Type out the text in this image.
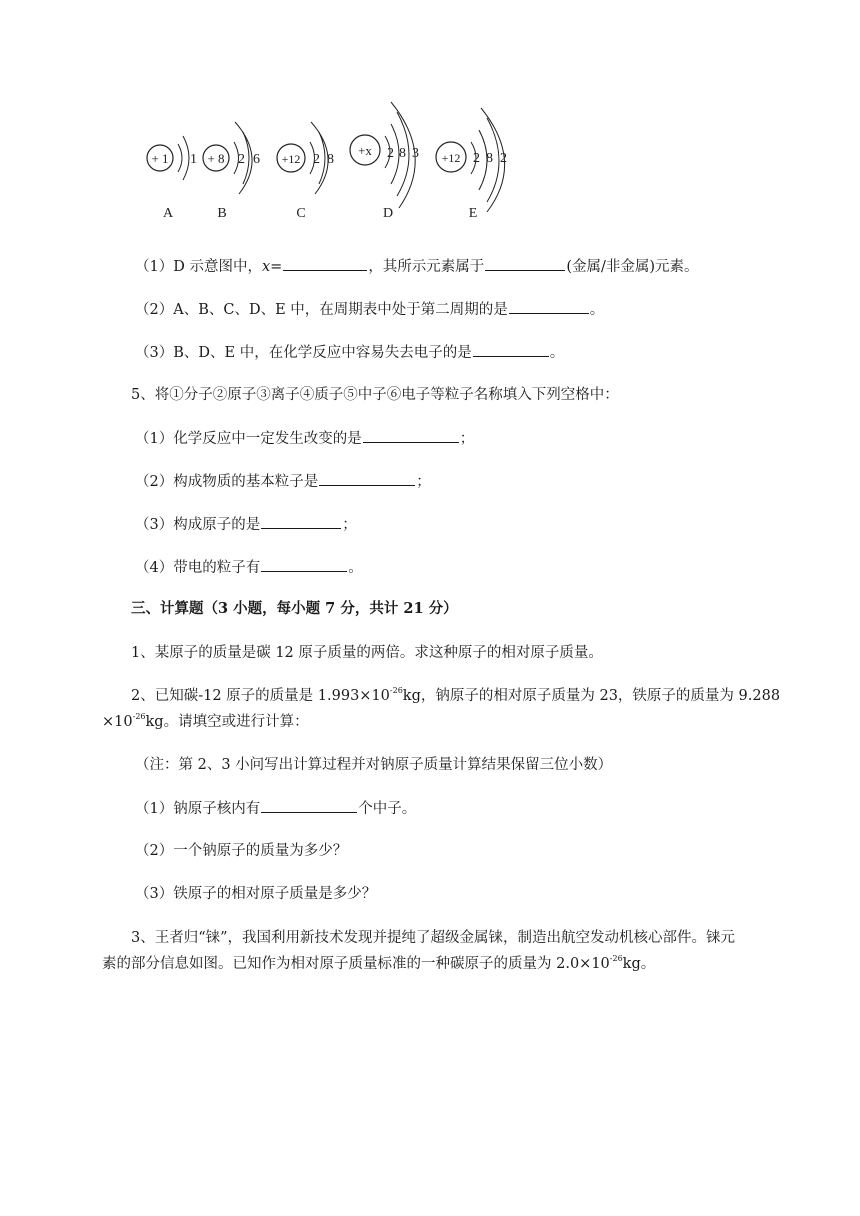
+ 1 1
A
+ 8 2 6
B
+12 2 8
C
+x 2 8 3
D
+12 2 8 2
E
（1）D 示意图中，x=	，其所示元素属于	(金属/非金属)元素。
（2）A、B、C、D、E 中，在周期表中处于第二周期的是	。
（3）B、D、E 中，在化学反应中容易失去电子的是	。
5、将①分子②原子③离子④质子⑤中子⑥电子等粒子名称填入下列空格中：
（1）化学反应中一定发生改变的是	；
（2）构成物质的基本粒子是	；
（3）构成原子的是	；
（4）带电的粒子有	。
三、计算题（3 小题，每小题 7 分，共计 21 分）
1、某原子的质量是碳 12 原子质量的两倍。求这种原子的相对原子质量。
2、已知碳-12 原子的质量是 $1.993\times 10^{-26}kg$，钠原子的相对原子质量为 23，铁原子的质量为 9.288
$\times 10^{-26}kg$。请填空或进行计算：
（注：第 2、3 小问写出计算过程并对钠原子质量计算结果保留三位小数）
（1）钠原子核内有	个中子。
（2）一个钠原子的质量为多少？
（3）铁原子的相对原子质量是多少？
3、王者归“铼”，我国利用新技术发现并提纯了超级金属铼，制造出航空发动机核心部件。铼元
素的部分信息如图。已知作为相对原子质量标准的一种碳原子的质量为 $2.0\times 10^{-26}kg$。
